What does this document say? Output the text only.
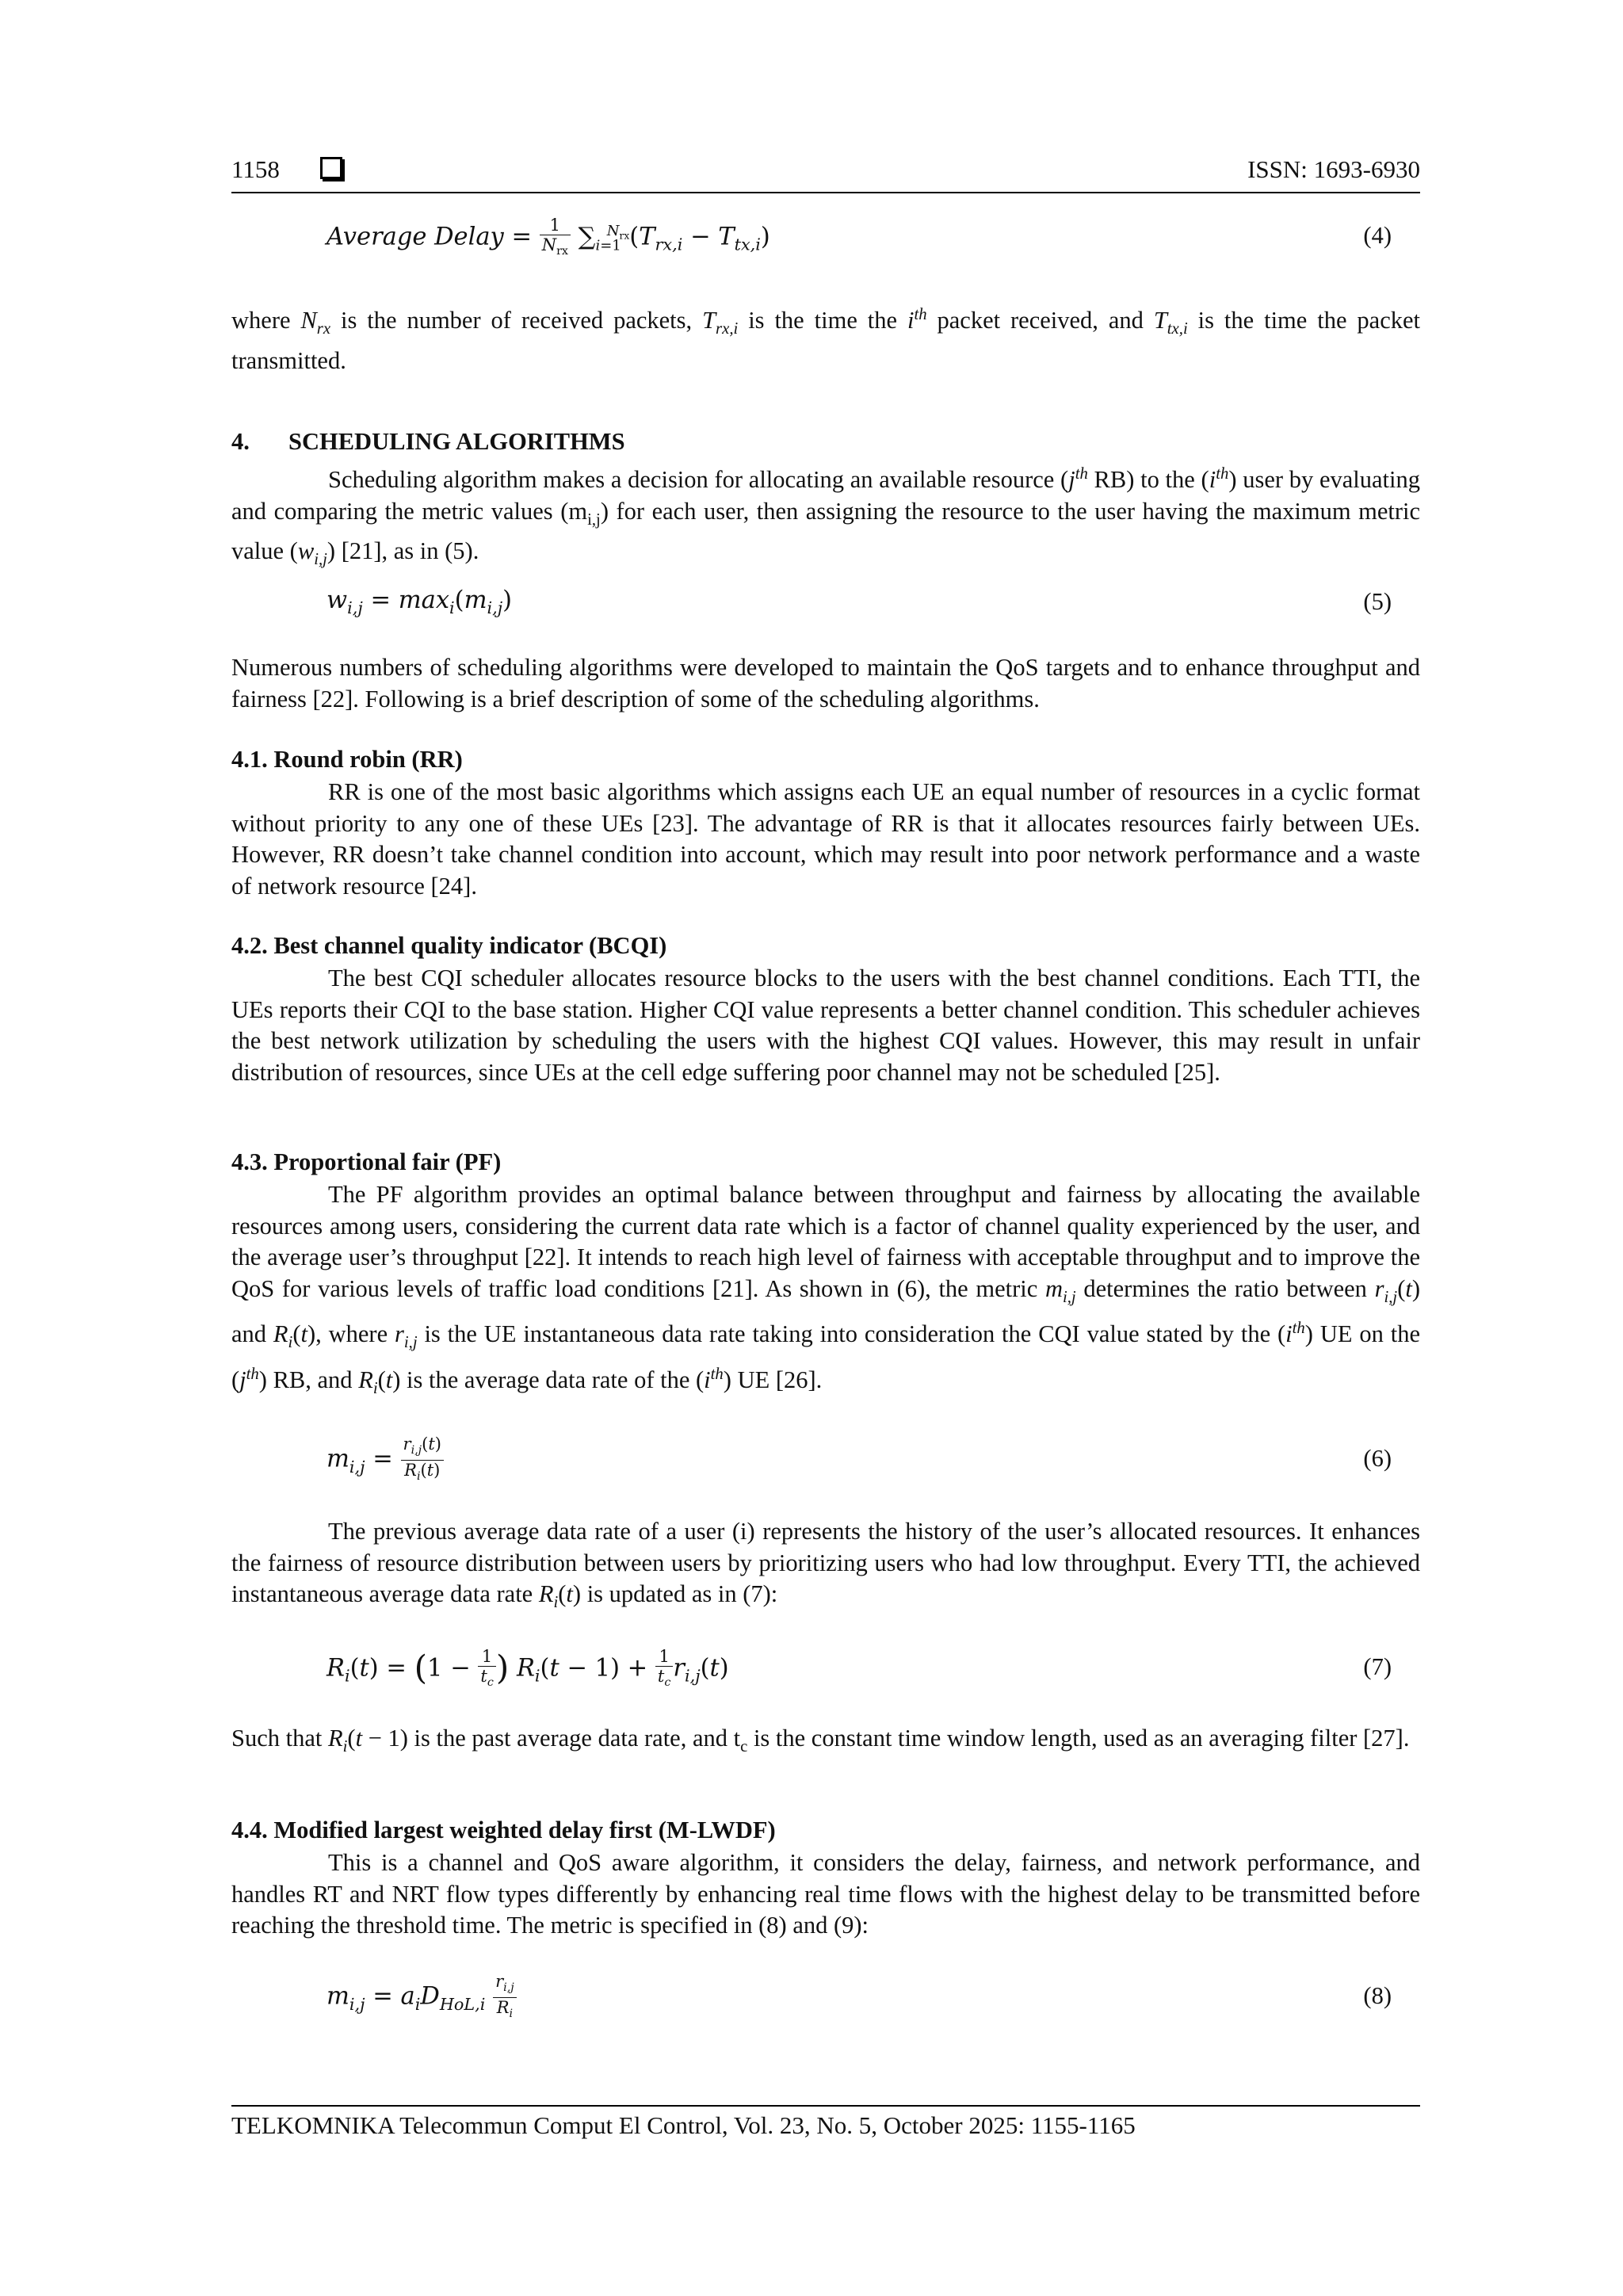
1158	ISSN: 1693-6930
Average Delay = $\frac{1}{N_{rx}} \sum_{i=1}^{N_{rx}}(T_{rx,i} - T_{tx,i})$	(4)
where $N_{rx}$ is the number of received packets, $T_{rx,i}$ is the time the $i^{th}$ packet received, and $T_{tx,i}$ is the time the packet transmitted.
4. SCHEDULING ALGORITHMS
Scheduling algorithm makes a decision for allocating an available resource ($j^{th}$ RB) to the $(i^{th})$ user by evaluating and comparing the metric values $(m_{i,j})$ for each user, then assigning the resource to the user having the maximum metric value $(w_{i,j})$ [21], as in (5).
$w_{i,j} = \max_i(m_{i,j})$	(5)
Numerous numbers of scheduling algorithms were developed to maintain the QoS targets and to enhance throughput and fairness [22]. Following is a brief description of some of the scheduling algorithms.
4.1. Round robin (RR)
RR is one of the most basic algorithms which assigns each UE an equal number of resources in a cyclic format without priority to any one of these UEs [23]. The advantage of RR is that it allocates resources fairly between UEs. However, RR doesn’t take channel condition into account, which may result into poor network performance and a waste of network resource [24].
4.2. Best channel quality indicator (BCQI)
The best CQI scheduler allocates resource blocks to the users with the best channel conditions. Each TTI, the UEs reports their CQI to the base station. Higher CQI value represents a better channel condition. This scheduler achieves the best network utilization by scheduling the users with the highest CQI values. However, this may result in unfair distribution of resources, since UEs at the cell edge suffering poor channel may not be scheduled [25].
4.3. Proportional fair (PF)
The PF algorithm provides an optimal balance between throughput and fairness by allocating the available resources among users, considering the current data rate which is a factor of channel quality experienced by the user, and the average user’s throughput [22]. It intends to reach high level of fairness with acceptable throughput and to improve the QoS for various levels of traffic load conditions [21]. As shown in (6), the metric $m_{i,j}$ determines the ratio between $r_{i,j}(t)$ and $R_i(t)$, where $r_{i,j}$ is the UE instantaneous data rate taking into consideration the CQI value stated by the $(i^{th})$ UE on the $(j^{th})$ RB, and $R_i(t)$ is the average data rate of the $(i^{th})$ UE [26].
$m_{i,j} = \frac{r_{i,j}(t)}{R_i(t)}$	(6)
The previous average data rate of a user (i) represents the history of the user’s allocated resources. It enhances the fairness of resource distribution between users by prioritizing users who had low throughput. Every TTI, the achieved instantaneous average data rate $R_i(t)$ is updated as in (7):
$R_i(t) = (1 - \frac{1}{t_c}$ ) $R_i(t - 1) + \frac{1}{t_c} r_{i,j}(t)$	(7)
Such that $R_i(t - 1)$ is the past average data rate, and $t_c$ is the constant time window length, used as an averaging filter [27].
4.4. Modified largest weighted delay first (M-LWDF)
This is a channel and QoS aware algorithm, it considers the delay, fairness, and network performance, and handles RT and NRT flow types differently by enhancing real time flows with the highest delay to be transmitted before reaching the threshold time. The metric is specified in (8) and (9):
$m_{i,j} = a_iD_{HoL,i} \frac{r_{i,j}}{R_i}$	(8)
TELKOMNIKA Telecommun Comput El Control, Vol. 23, No. 5, October 2025: 1155-1165
